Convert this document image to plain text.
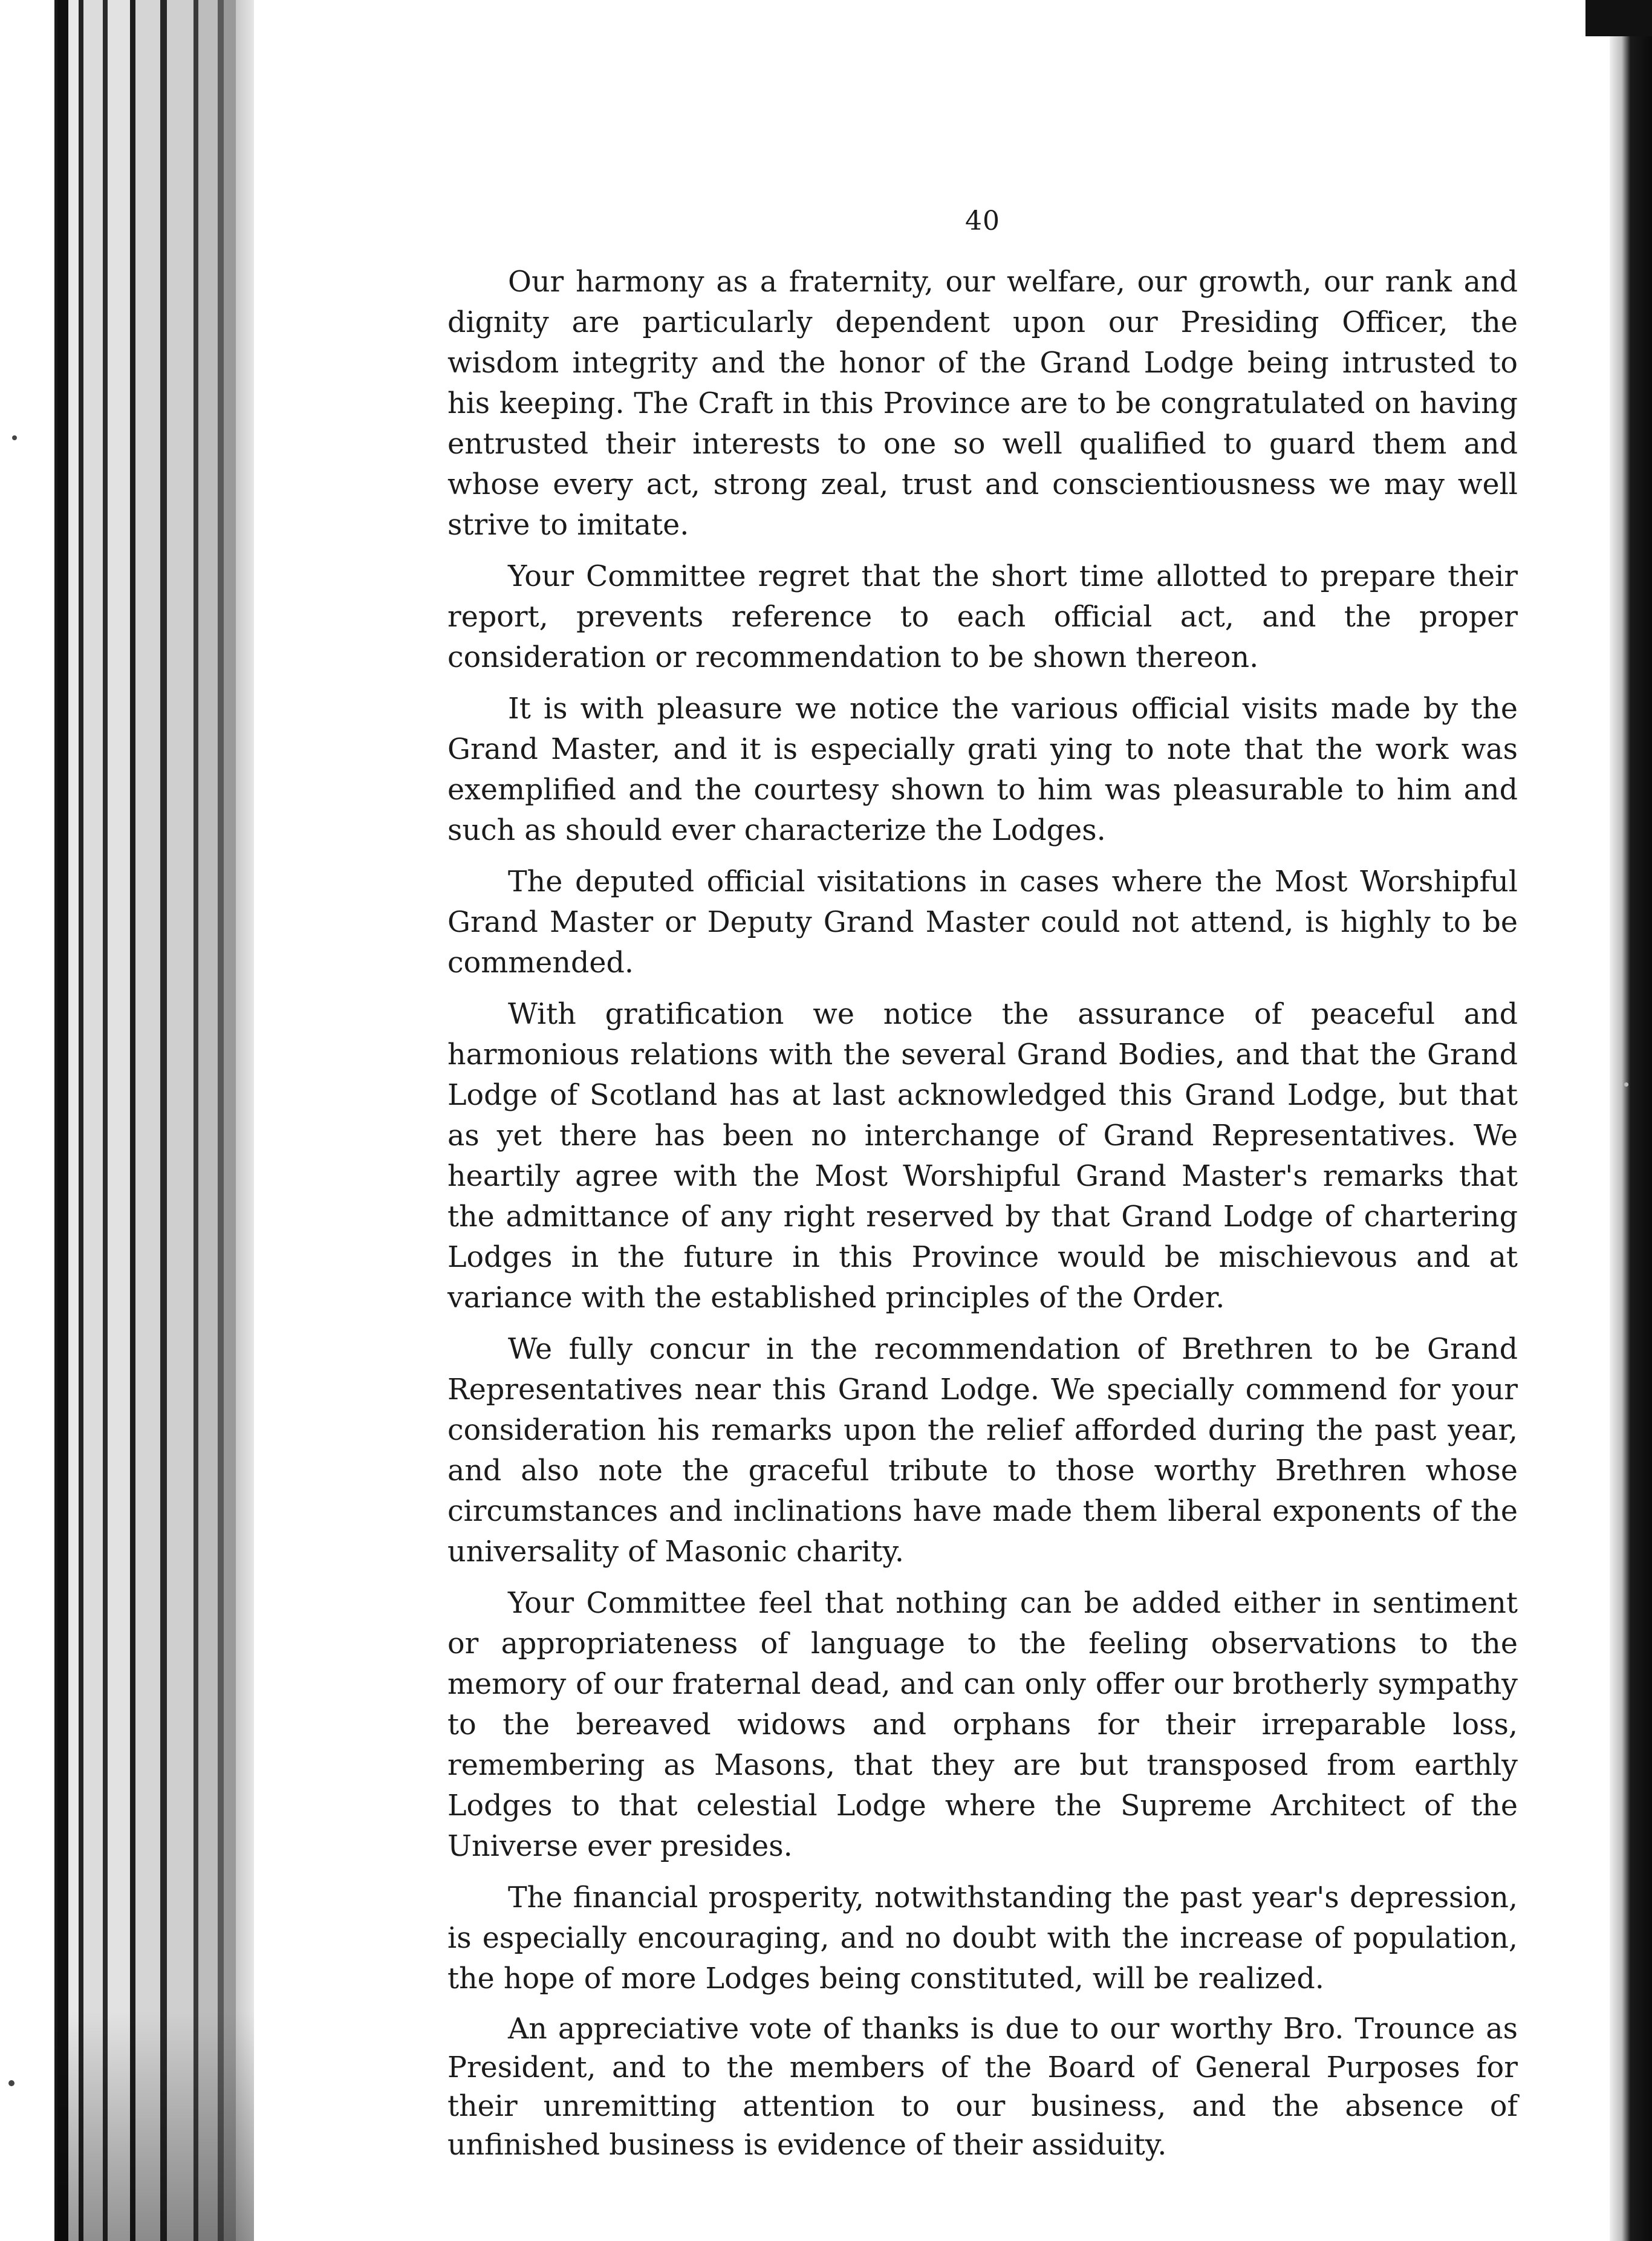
40

Our harmony as a fraternity, our welfare, our growth, our rank and dignity are particularly dependent upon our Presiding Officer, the wisdom integrity and the honor of the Grand Lodge being intrusted to his keeping. The Craft in this Province are to be congratulated on having entrusted their interests to one so well qualified to guard them and whose every act, strong zeal, trust and conscientiousness we may well strive to imitate.

Your Committee regret that the short time allotted to prepare their report, prevents reference to each official act, and the proper consideration or recommendation to be shown thereon.

It is with pleasure we notice the various official visits made by the Grand Master, and it is especially grati ying to note that the work was exemplified and the courtesy shown to him was pleasurable to him and such as should ever characterize the Lodges.

The deputed official visitations in cases where the Most Worshipful Grand Master or Deputy Grand Master could not attend, is highly to be commended.

With gratification we notice the assurance of peaceful and harmonious relations with the several Grand Bodies, and that the Grand Lodge of Scotland has at last acknowledged this Grand Lodge, but that as yet there has been no interchange of Grand Representatives. We heartily agree with the Most Worshipful Grand Master's remarks that the admittance of any right reserved by that Grand Lodge of chartering Lodges in the future in this Province would be mischievous and at variance with the established principles of the Order.

We fully concur in the recommendation of Brethren to be Grand Representatives near this Grand Lodge. We specially commend for your consideration his remarks upon the relief afforded during the past year, and also note the graceful tribute to those worthy Brethren whose circumstances and inclinations have made them liberal exponents of the universality of Masonic charity.

Your Committee feel that nothing can be added either in sentiment or appropriateness of language to the feeling observations to the memory of our fraternal dead, and can only offer our brotherly sympathy to the bereaved widows and orphans for their irreparable loss, remembering as Masons, that they are but transposed from earthly Lodges to that celestial Lodge where the Supreme Architect of the Universe ever presides.

The financial prosperity, notwithstanding the past year's depression, is especially encouraging, and no doubt with the increase of population, the hope of more Lodges being constituted, will be realized.

An appreciative vote of thanks is due to our worthy Bro. Trounce as President, and to the members of the Board of General Purposes for their unremitting attention to our business, and the absence of unfinished business is evidence of their assiduity.
